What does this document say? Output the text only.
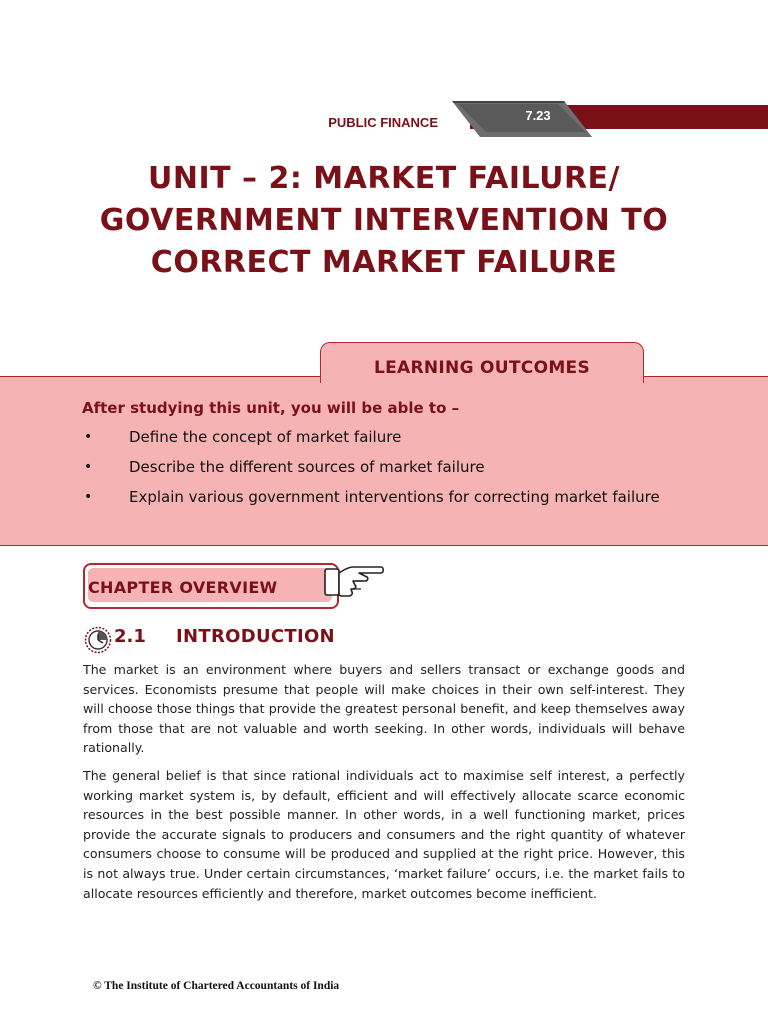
7.23
PUBLIC FINANCE
UNIT – 2: MARKET FAILURE/
GOVERNMENT INTERVENTION TO
CORRECT MARKET FAILURE
LEARNING OUTCOMES
After studying this unit, you will be able to –
• Define the concept of market failure
• Describe the different sources of market failure
• Explain various government interventions for correcting market failure
CHAPTER OVERVIEW
2.1 INTRODUCTION
The market is an environment where buyers and sellers transact or exchange goods and services. Economists presume that people will make choices in their own self-interest. They will choose those things that provide the greatest personal benefit, and keep themselves away from those that are not valuable and worth seeking. In other words, individuals will behave rationally.
The general belief is that since rational individuals act to maximise self interest, a perfectly working market system is, by default, efficient and will effectively allocate scarce economic resources in the best possible manner. In other words, in a well functioning market, prices provide the accurate signals to producers and consumers and the right quantity of whatever consumers choose to consume will be produced and supplied at the right price. However, this is not always true. Under certain circumstances, ‘market failure’ occurs, i.e. the market fails to allocate resources efficiently and therefore, market outcomes become inefficient.
© The Institute of Chartered Accountants of India
